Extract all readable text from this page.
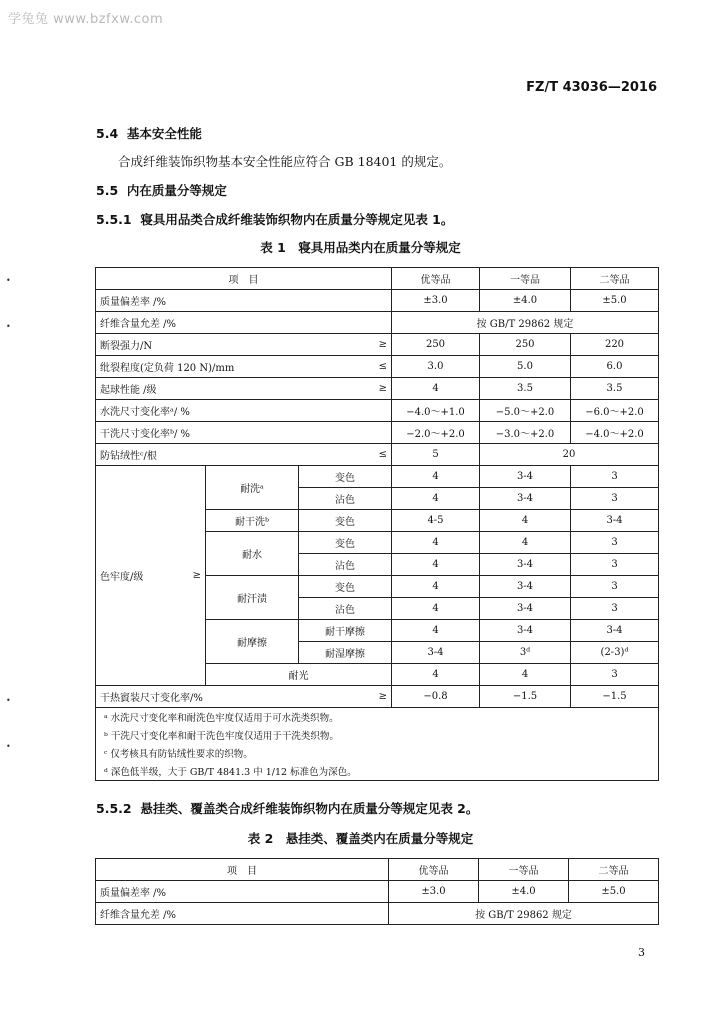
学兔兔 www.bzfxw.com
FZ/T 43036—2016
•
•
•
•
5.4 基本安全性能
合成纤维装饰织物基本安全性能应符合 GB 18401 的规定。
5.5 内在质量分等规定
5.5.1 寝具用品类合成纤维装饰织物内在质量分等规定见表 1。
表 1　寝具用品类内在质量分等规定
项　目			优等品	一等品	二等品

质量偏差率 /%			±3.0	±4.0	±5.0

纤维含量允差 /%			按 GB/T 29862 规定		

断裂强力/N ≥			250	250	220

纰裂程度(定负荷 120 N)/mm ≤			3.0	5.0	6.0

起球性能 /级 ≥			4	3.5	3.5

水洗尺寸变化率ᵃ/ %			−4.0～+1.0	−5.0～+2.0	−6.0～+2.0

干洗尺寸变化率ᵇ/ %			−2.0～+2.0	−3.0～+2.0	−4.0～+2.0

防钻绒性ᶜ/根 ≤			5	20	

色牢度/级 ≥	耐洗ᵃ	变色	4	3-4	3
		沾色	4	3-4	3
	耐干洗ᵇ	变色	4-5	4	3-4
	耐水	变色	4	4	3
		沾色	4	3-4	3
	耐汗渍	变色	4	3-4	3
		沾色	4	3-4	3
	耐摩擦	耐干摩擦	4	3-4	3-4
		耐湿摩擦	3-4	3ᵈ	(2-3)ᵈ
	耐光		4	4	3

干热賨装尺寸变化率/% ≥			−0.8	−1.5	−1.5
ᵃ 水洗尺寸变化率和耐洗色牢度仅适用于可水洗类织物。					
ᵇ 干洗尺寸变化率和耐干洗色牢度仅适用于干洗类织物。					
ᶜ 仅考核具有防钻绒性要求的织物。					
ᵈ 深色低半级，大于 GB/T 4841.3 中 1/12 标准色为深色。					
5.5.2 悬挂类、覆盖类合成纤维装饰织物内在质量分等规定见表 2。
表 2　悬挂类、覆盖类内在质量分等规定
项　目	优等品	一等品	二等品
质量偏差率 /%	±3.0	±4.0	±5.0
纤维含量允差 /%	按 GB/T 29862 规定		
3
